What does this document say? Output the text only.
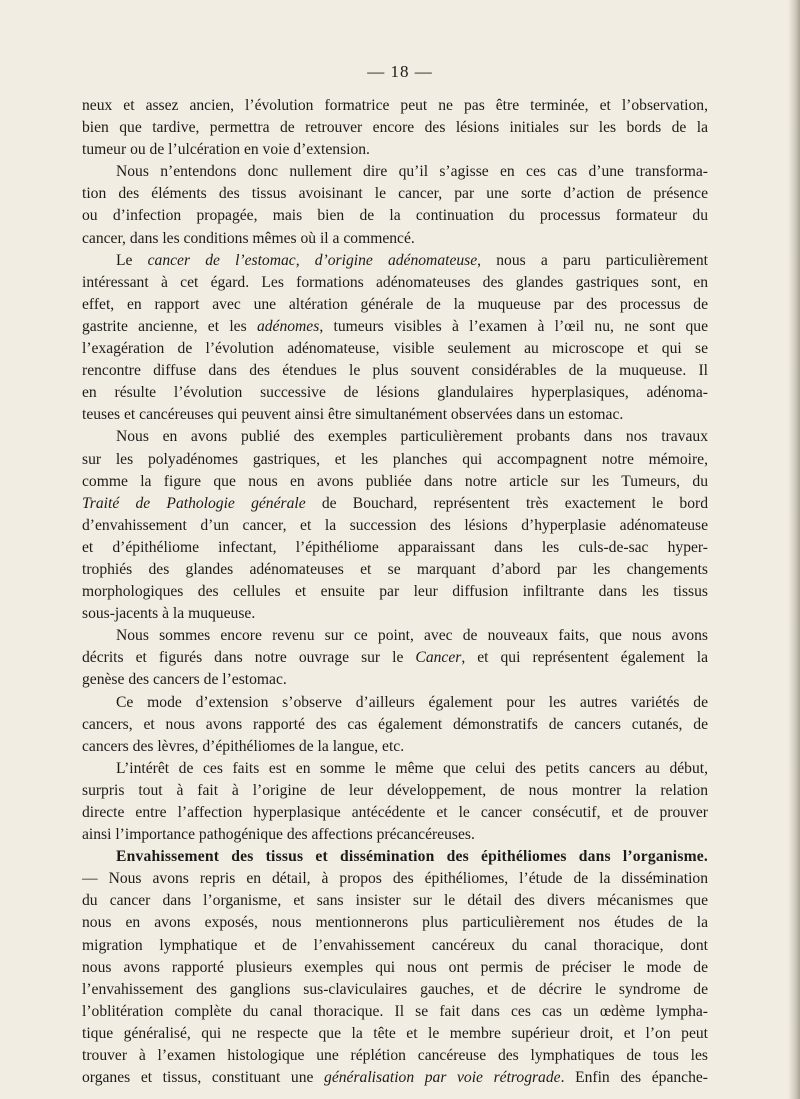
— 18 —
neux et assez ancien, l’évolution formatrice peut ne pas être terminée, et l’observation,
bien que tardive, permettra de retrouver encore des lésions initiales sur les bords de la
tumeur ou de l’ulcération en voie d’extension.
Nous n’entendons donc nullement dire qu’il s’agisse en ces cas d’une transforma-
tion des éléments des tissus avoisinant le cancer, par une sorte d’action de présence
ou d’infection propagée, mais bien de la continuation du processus formateur du
cancer, dans les conditions mêmes où il a commencé.
Le cancer de l’estomac, d’origine adénomateuse, nous a paru particulièrement
intéressant à cet égard. Les formations adénomateuses des glandes gastriques sont, en
effet, en rapport avec une altération générale de la muqueuse par des processus de
gastrite ancienne, et les adénomes, tumeurs visibles à l’examen à l’œil nu, ne sont que
l’exagération de l’évolution adénomateuse, visible seulement au microscope et qui se
rencontre diffuse dans des étendues le plus souvent considérables de la muqueuse. Il
en résulte l’évolution successive de lésions glandulaires hyperplasiques, adénoma-
teuses et cancéreuses qui peuvent ainsi être simultanément observées dans un estomac.
Nous en avons publié des exemples particulièrement probants dans nos travaux
sur les polyadénomes gastriques, et les planches qui accompagnent notre mémoire,
comme la figure que nous en avons publiée dans notre article sur les Tumeurs, du
Traité de Pathologie générale de Bouchard, représentent très exactement le bord
d’envahissement d’un cancer, et la succession des lésions d’hyperplasie adénomateuse
et d’épithéliome infectant, l’épithéliome apparaissant dans les culs-de-sac hyper-
trophiés des glandes adénomateuses et se marquant d’abord par les changements
morphologiques des cellules et ensuite par leur diffusion infiltrante dans les tissus
sous-jacents à la muqueuse.
Nous sommes encore revenu sur ce point, avec de nouveaux faits, que nous avons
décrits et figurés dans notre ouvrage sur le Cancer, et qui représentent également la
genèse des cancers de l’estomac.
Ce mode d’extension s’observe d’ailleurs également pour les autres variétés de
cancers, et nous avons rapporté des cas également démonstratifs de cancers cutanés, de
cancers des lèvres, d’épithéliomes de la langue, etc.
L’intérêt de ces faits est en somme le même que celui des petits cancers au début,
surpris tout à fait à l’origine de leur développement, de nous montrer la relation
directe entre l’affection hyperplasique antécédente et le cancer consécutif, et de prouver
ainsi l’importance pathogénique des affections précancéreuses.
Envahissement des tissus et dissémination des épithéliomes dans l’organisme.
— Nous avons repris en détail, à propos des épithéliomes, l’étude de la dissémination
du cancer dans l’organisme, et sans insister sur le détail des divers mécanismes que
nous en avons exposés, nous mentionnerons plus particulièrement nos études de la
migration lymphatique et de l’envahissement cancéreux du canal thoracique, dont
nous avons rapporté plusieurs exemples qui nous ont permis de préciser le mode de
l’envahissement des ganglions sus-claviculaires gauches, et de décrire le syndrome de
l’oblitération complète du canal thoracique. Il se fait dans ces cas un œdème lympha-
tique généralisé, qui ne respecte que la tête et le membre supérieur droit, et l’on peut
trouver à l’examen histologique une réplétion cancéreuse des lymphatiques de tous les
organes et tissus, constituant une généralisation par voie rétrograde. Enfin des épanche-
